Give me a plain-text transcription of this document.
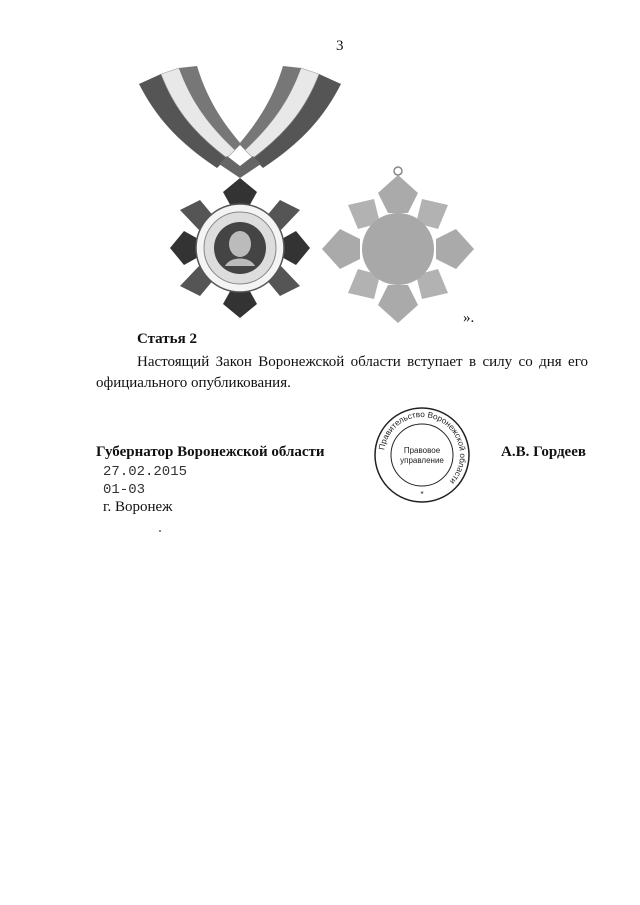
3
».
Статья 2
Настоящий Закон Воронежской области вступает в силу со дня его официального опубликования.
Губернатор Воронежской области	Правительство Воронежской области
Правовое
управление
*
А.В. Гордеев
27.02.2015
01-03
г. Воронеж
